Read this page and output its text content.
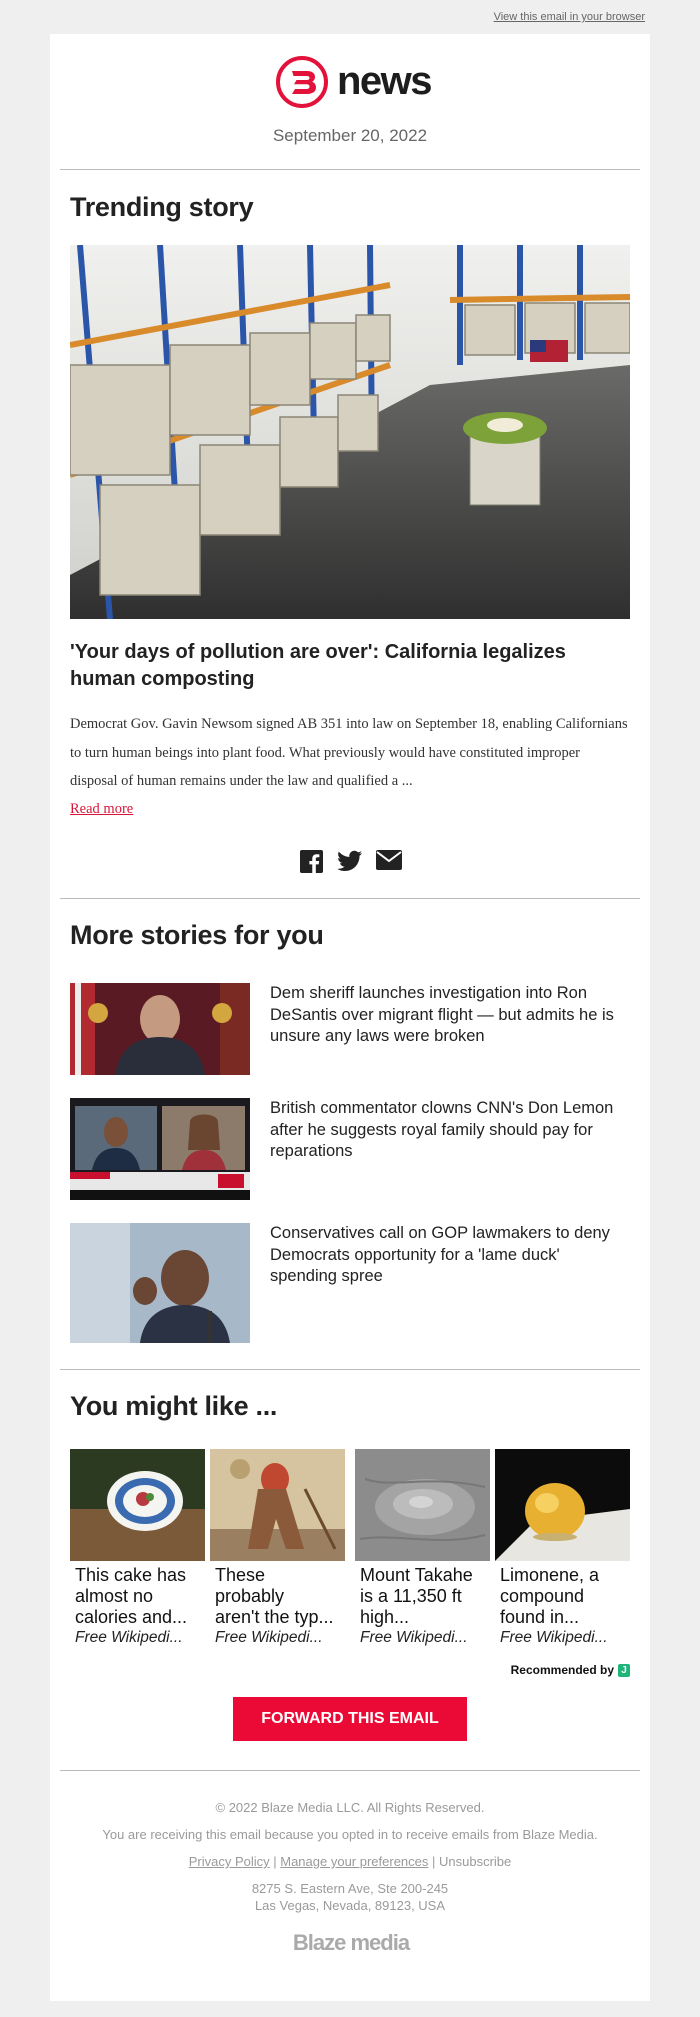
View this email in your browser
news
September 20, 2022
Trending story
'Your days of pollution are over': California legalizes human composting
Democrat Gov. Gavin Newsom signed AB 351 into law on September 18, enabling Californians to turn human beings into plant food. What previously would have constituted improper disposal of human remains under the law and qualified a ...
Read more
More stories for you
Dem sheriff launches investigation into Ron DeSantis over migrant flight — but admits he is unsure any laws were broken
British commentator clowns CNN's Don Lemon after he suggests royal family should pay for reparations
Conservatives call on GOP lawmakers to deny Democrats opportunity for a 'lame duck' spending spree
You might like ...
This cake has
almost no
calories and...
Free Wikipedi...
These
probably
aren't the typ...
Free Wikipedi...
Mount Takahe
is a 11,350 ft
high...
Free Wikipedi...
Limonene, a
compound
found in...
Free Wikipedi...
Recommended by J
FORWARD THIS EMAIL
© 2022 Blaze Media LLC. All Rights Reserved.
You are receiving this email because you opted in to receive emails from Blaze Media.
Privacy Policy | Manage your preferences | Unsubscribe
8275 S. Eastern Ave, Ste 200-245
Las Vegas, Nevada, 89123, USA
Blaze media
